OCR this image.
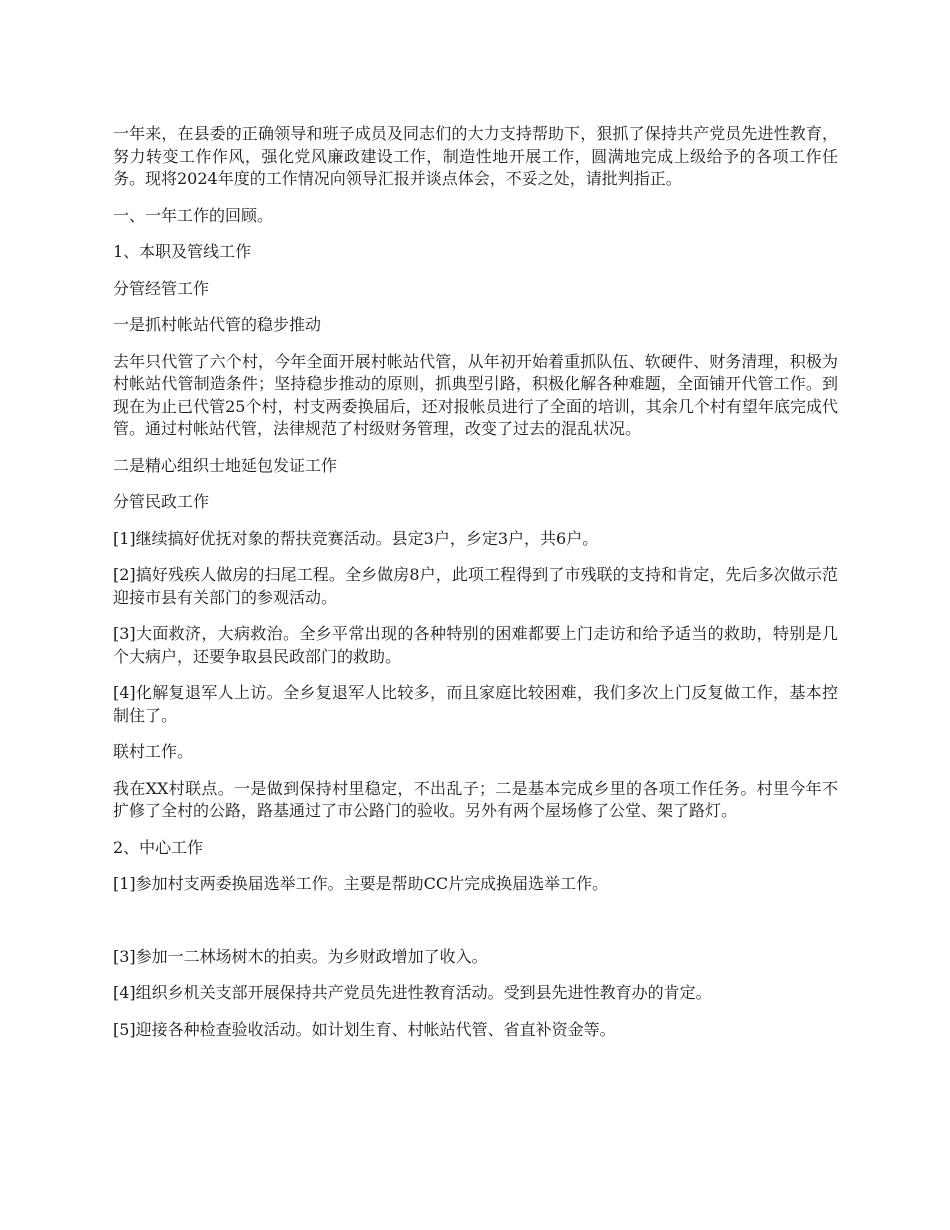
一年来，在县委的正确领导和班子成员及同志们的大力支持帮助下，狠抓了保持共产党员先进性教育，努力转变工作作风，强化党风廉政建设工作，制造性地开展工作，圆满地完成上级给予的各项工作任务。现将2024年度的工作情况向领导汇报并谈点体会，不妥之处，请批判指正。

一、一年工作的回顾。

1、本职及管线工作

分管经管工作

一是抓村帐站代管的稳步推动

去年只代管了六个村，今年全面开展村帐站代管，从年初开始着重抓队伍、软硬件、财务清理，积极为村帐站代管制造条件；坚持稳步推动的原则，抓典型引路，积极化解各种难题，全面铺开代管工作。到现在为止已代管25个村，村支两委换届后，还对报帐员进行了全面的培训，其余几个村有望年底完成代管。通过村帐站代管，法律规范了村级财务管理，改变了过去的混乱状况。

二是精心组织士地延包发证工作

分管民政工作

[1]继续搞好优抚对象的帮扶竞赛活动。县定3户，乡定3户，共6户。

[2]搞好残疾人做房的扫尾工程。全乡做房8户，此项工程得到了市残联的支持和肯定，先后多次做示范迎接市县有关部门的参观活动。

[3]大面救济，大病救治。全乡平常出现的各种特别的困难都要上门走访和给予适当的救助，特别是几个大病户，还要争取县民政部门的救助。

[4]化解复退军人上访。全乡复退军人比较多，而且家庭比较困难，我们多次上门反复做工作，基本控制住了。

联村工作。

我在XX村联点。一是做到保持村里稳定，不出乱子；二是基本完成乡里的各项工作任务。村里今年不扩修了全村的公路，路基通过了市公路门的验收。另外有两个屋场修了公堂、架了路灯。

2、中心工作

[1]参加村支两委换届选举工作。主要是帮助CC片完成换届选举工作。

[3]参加一二林场树木的拍卖。为乡财政增加了收入。

[4]组织乡机关支部开展保持共产党员先进性教育活动。受到县先进性教育办的肯定。

[5]迎接各种检查验收活动。如计划生育、村帐站代管、省直补资金等。
